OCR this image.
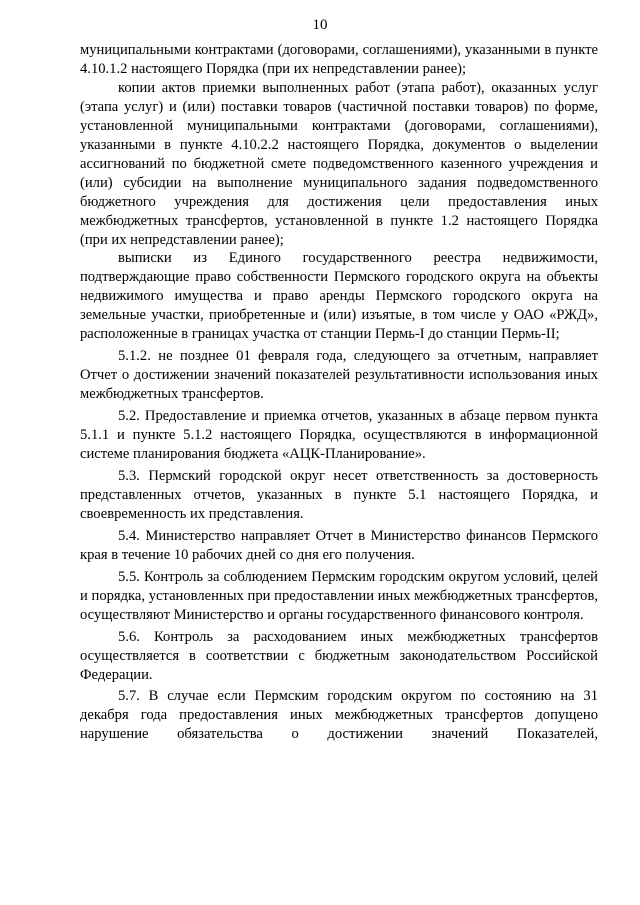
10

муниципальными контрактами (договорами, соглашениями), указанными в пункте 4.10.1.2 настоящего Порядка (при их непредставлении ранее);

копии актов приемки выполненных работ (этапа работ), оказанных услуг (этапа услуг) и (или) поставки товаров (частичной поставки товаров) по форме, установленной муниципальными контрактами (договорами, соглашениями), указанными в пункте 4.10.2.2 настоящего Порядка, документов о выделении ассигнований по бюджетной смете подведомственного казенного учреждения и (или) субсидии на выполнение муниципального задания подведомственного бюджетного учреждения для достижения цели предоставления иных межбюджетных трансфертов, установленной в пункте 1.2 настоящего Порядка (при их непредставлении ранее);

выписки из Единого государственного реестра недвижимости, подтверждающие право собственности Пермского городского округа на объекты недвижимого имущества и право аренды Пермского городского округа на земельные участки, приобретенные и (или) изъятые, в том числе у ОАО «РЖД», расположенные в границах участка от станции Пермь-I до станции Пермь-II;

5.1.2. не позднее 01 февраля года, следующего за отчетным, направляет Отчет о достижении значений показателей результативности использования иных межбюджетных трансфертов.

5.2. Предоставление и приемка отчетов, указанных в абзаце первом пункта 5.1.1 и пункте 5.1.2 настоящего Порядка, осуществляются в информационной системе планирования бюджета «АЦК-Планирование».

5.3. Пермский городской округ несет ответственность за достоверность представленных отчетов, указанных в пункте 5.1 настоящего Порядка, и своевременность их представления.

5.4. Министерство направляет Отчет в Министерство финансов Пермского края в течение 10 рабочих дней со дня его получения.

5.5. Контроль за соблюдением Пермским городским округом условий, целей и порядка, установленных при предоставлении иных межбюджетных трансфертов, осуществляют Министерство и органы государственного финансового контроля.

5.6. Контроль за расходованием иных межбюджетных трансфертов осуществляется в соответствии с бюджетным законодательством Российской Федерации.

5.7. В случае если Пермским городским округом по состоянию на 31 декабря года предоставления иных межбюджетных трансфертов допущено нарушение обязательства о достижении значений Показателей,
